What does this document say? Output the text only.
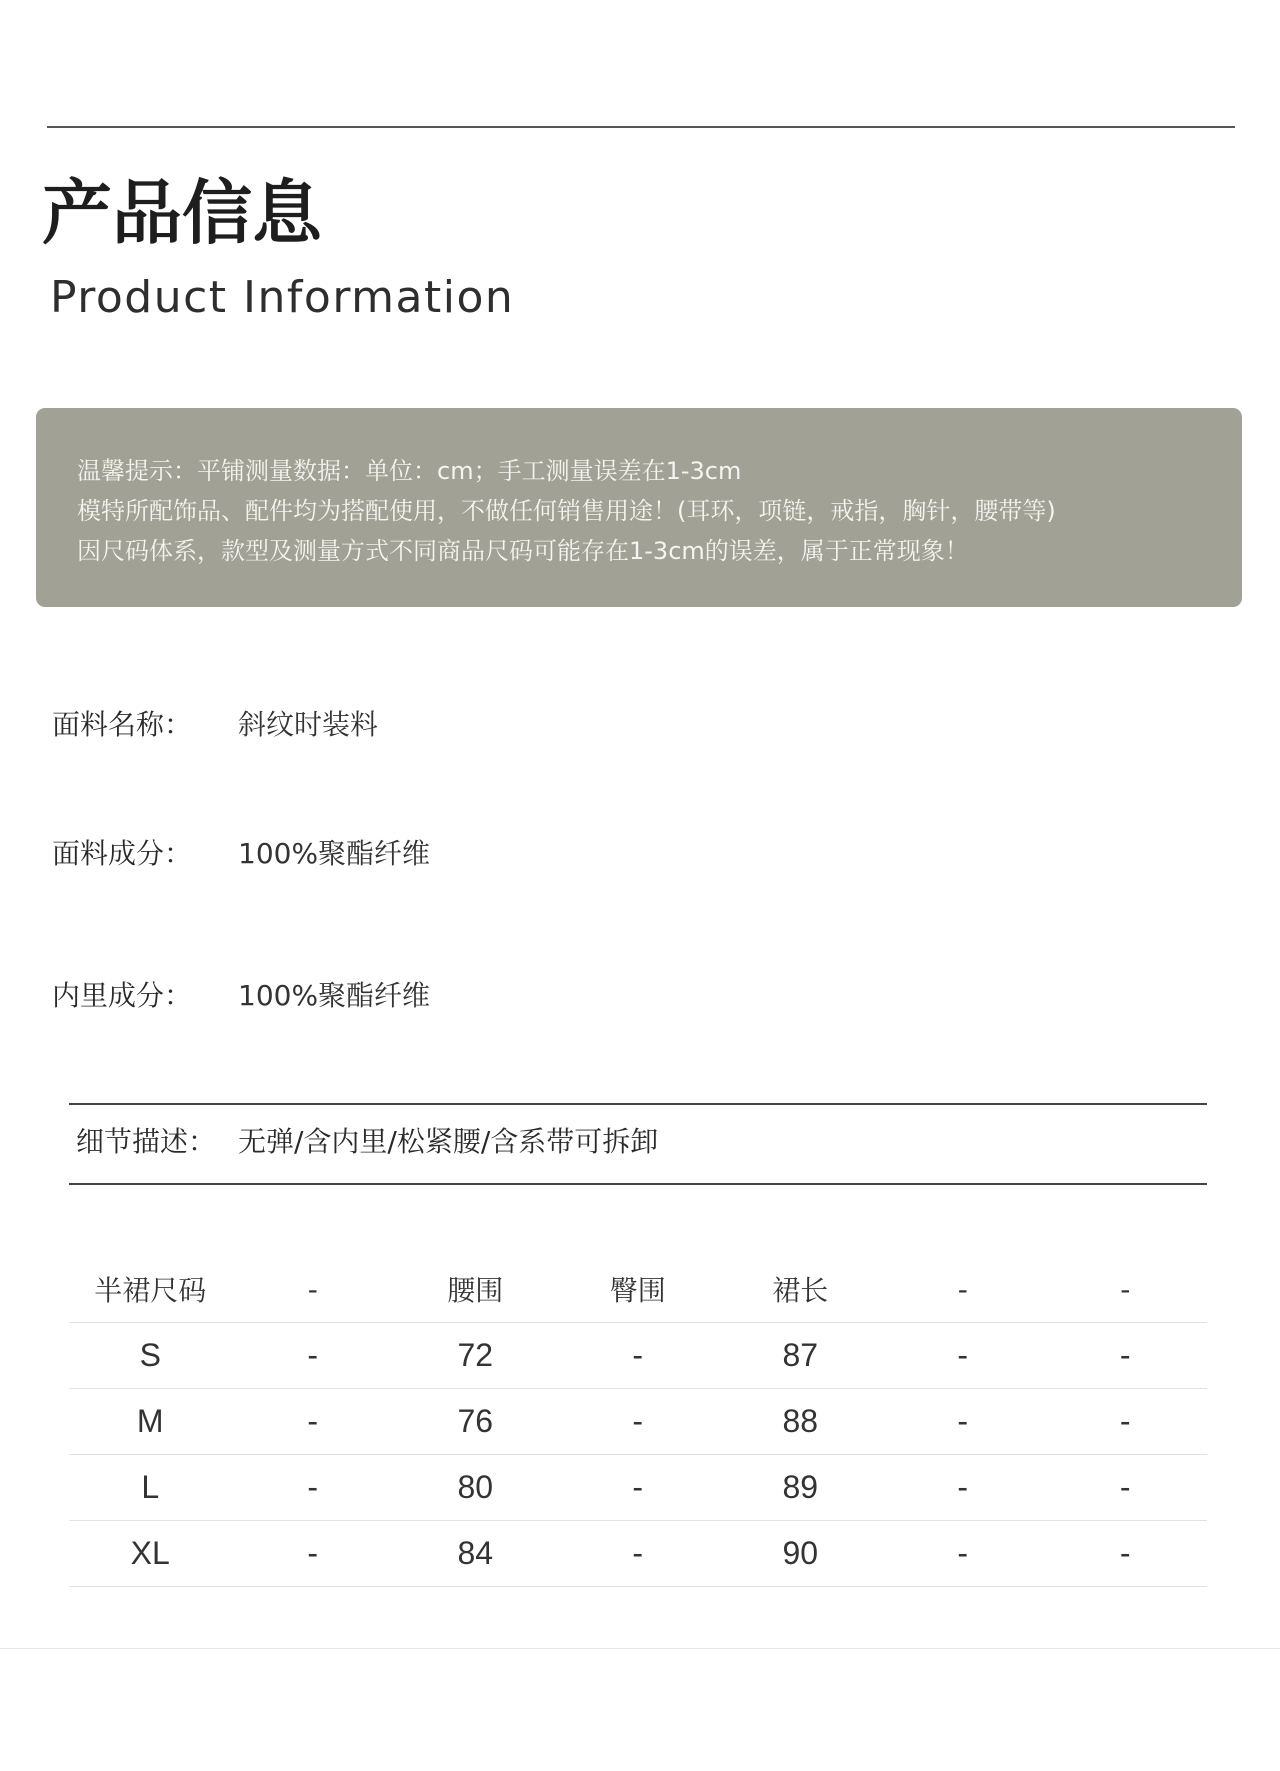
产品信息
Product Information
温馨提示：平铺测量数据：单位：cm；手工测量误差在1-3cm
模特所配饰品、配件均为搭配使用，不做任何销售用途！(耳环，项链，戒指，胸针，腰带等)
因尺码体系，款型及测量方式不同商品尺码可能存在1-3cm的误差，属于正常现象！
面料名称： 斜纹时装料
面料成分： 100%聚酯纤维
内里成分： 100%聚酯纤维
细节描述： 无弹/含内里/松紧腰/含系带可拆卸
半裙尺码	-	腰围	臀围	裙长	-	-
S	-	72	-	87	-	-
M	-	76	-	88	-	-
L	-	80	-	89	-	-
XL	-	84	-	90	-	-
